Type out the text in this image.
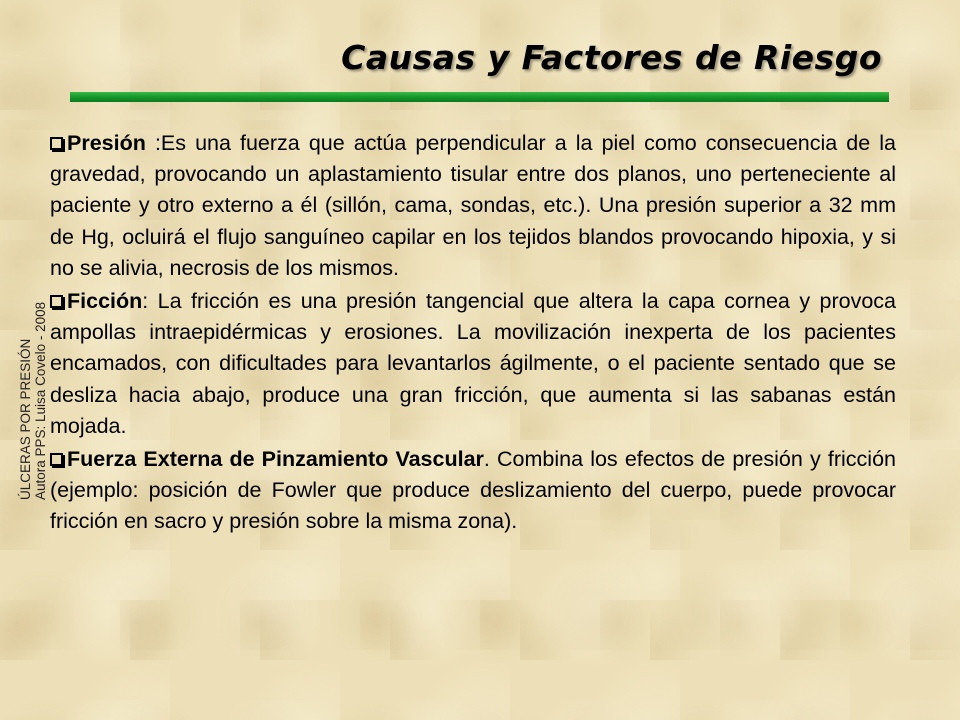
Causas y Factores de Riesgo
ÚLCERAS POR PRESIÓN Autora PPS: Luisa Covelo - 2008

Presión :Es una fuerza que actúa perpendicular a la piel como consecuencia de la gravedad, provocando un aplastamiento tisular entre dos planos, uno perteneciente al paciente y otro externo a él (sillón, cama, sondas, etc.). Una presión superior a 32 mm de Hg, ocluirá el flujo sanguíneo capilar en los tejidos blandos provocando hipoxia, y si no se alivia, necrosis de los mismos.

Ficción: La fricción es una presión tangencial que altera la capa cornea y provoca ampollas intraepidérmicas y erosiones. La movilización inexperta de los pacientes encamados, con dificultades para levantarlos ágilmente, o el paciente sentado que se desliza hacia abajo, produce una gran fricción, que aumenta si las sabanas están mojada.

Fuerza Externa de Pinzamiento Vascular. Combina los efectos de presión y fricción (ejemplo: posición de Fowler que produce deslizamiento del cuerpo, puede provocar fricción en sacro y presión sobre la misma zona).
